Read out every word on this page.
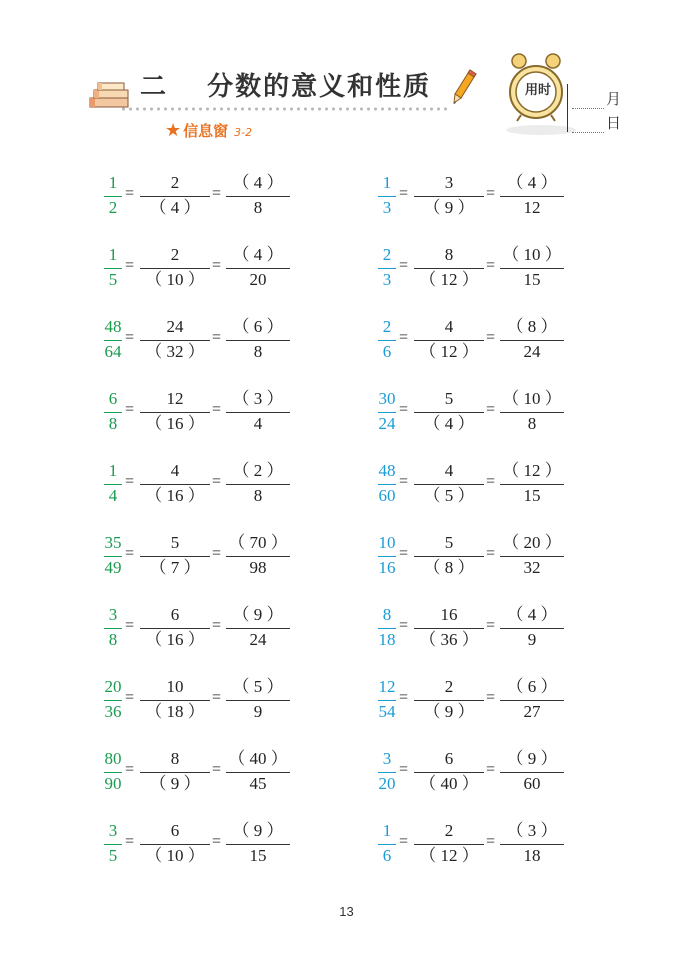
二 分数的意义和性质	用时	月
日
★ 信息窗 3-2
1
2
=
2
（ 4 ）
=
（ 4 ）
8
1
5
=
2
（ 10 ）
=
（ 4 ）
20
48
64
=
24
（ 32 ）
=
（ 6 ）
8
6
8
=
12
（ 16 ）
=
（ 3 ）
4
1
4
=
4
（ 16 ）
=
（ 2 ）
8
35
49
=
5
（ 7 ）
=
（ 70 ）
98
3
8
=
6
（ 16 ）
=
（ 9 ）
24
20
36
=
10
（ 18 ）
=
（ 5 ）
9
80
90
=
8
（ 9 ）
=
（ 40 ）
45
3
5
=
6
（ 10 ）
=
（ 9 ）
15
1
3
=
3
（ 9 ）
=
（ 4 ）
12
2
3
=
8
（ 12 ）
=
（ 10 ）
15
2
6
=
4
（ 12 ）
=
（ 8 ）
24
30
24
=
5
（ 4 ）
=
（ 10 ）
8
48
60
=
4
（ 5 ）
=
（ 12 ）
15
10
16
=
5
（ 8 ）
=
（ 20 ）
32
8
18
=
16
（ 36 ）
=
（ 4 ）
9
12
54
=
2
（ 9 ）
=
（ 6 ）
27
3
20
=
6
（ 40 ）
=
（ 9 ）
60
1
6
=
2
（ 12 ）
=
（ 3 ）
18
13
